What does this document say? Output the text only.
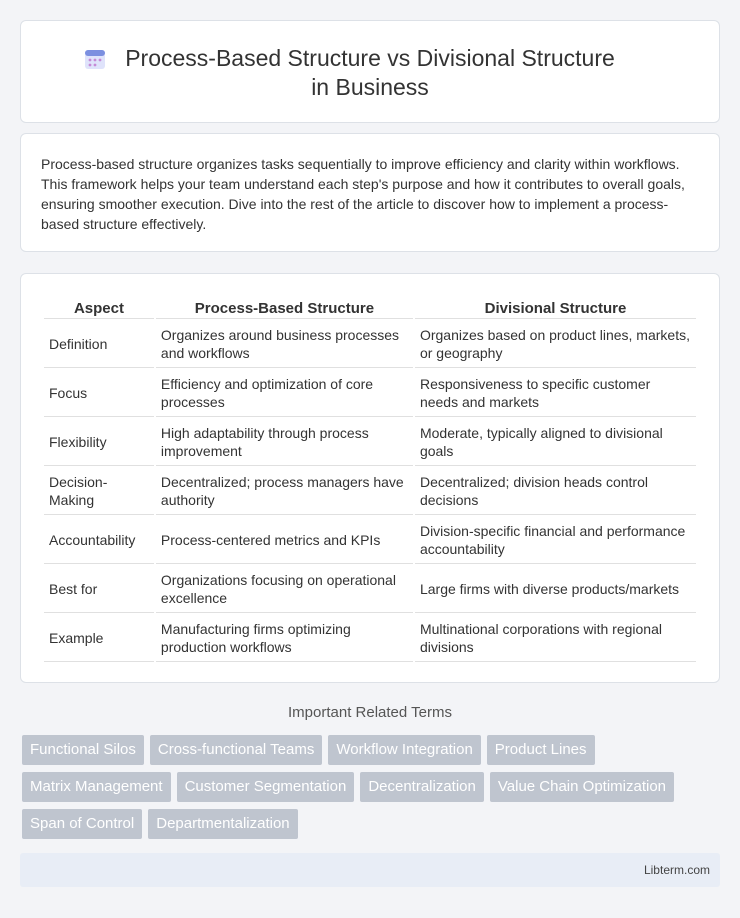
Process-Based Structure vs Divisional Structure in Business

Process-based structure organizes tasks sequentially to improve efficiency and clarity within workflows. This framework helps your team understand each step's purpose and how it contributes to overall goals, ensuring smoother execution. Dive into the rest of the article to discover how to implement a process-based structure effectively.

Aspect	Process-Based Structure	Divisional Structure
Definition	Organizes around business processes and workflows	Organizes based on product lines, markets, or geography
Focus	Efficiency and optimization of core processes	Responsiveness to specific customer needs and markets
Flexibility	High adaptability through process improvement	Moderate, typically aligned to divisional goals
Decision-Making	Decentralized; process managers have authority	Decentralized; division heads control decisions
Accountability	Process-centered metrics and KPIs	Division-specific financial and performance accountability
Best for	Organizations focusing on operational excellence	Large firms with diverse products/markets
Example	Manufacturing firms optimizing production workflows	Multinational corporations with regional divisions
Important Related Terms
Functional Silos	Cross-functional Teams	Workflow Integration	Product Lines
Matrix Management	Customer Segmentation	Decentralization	Value Chain Optimization
Span of Control	Departmentalization
Libterm.com
